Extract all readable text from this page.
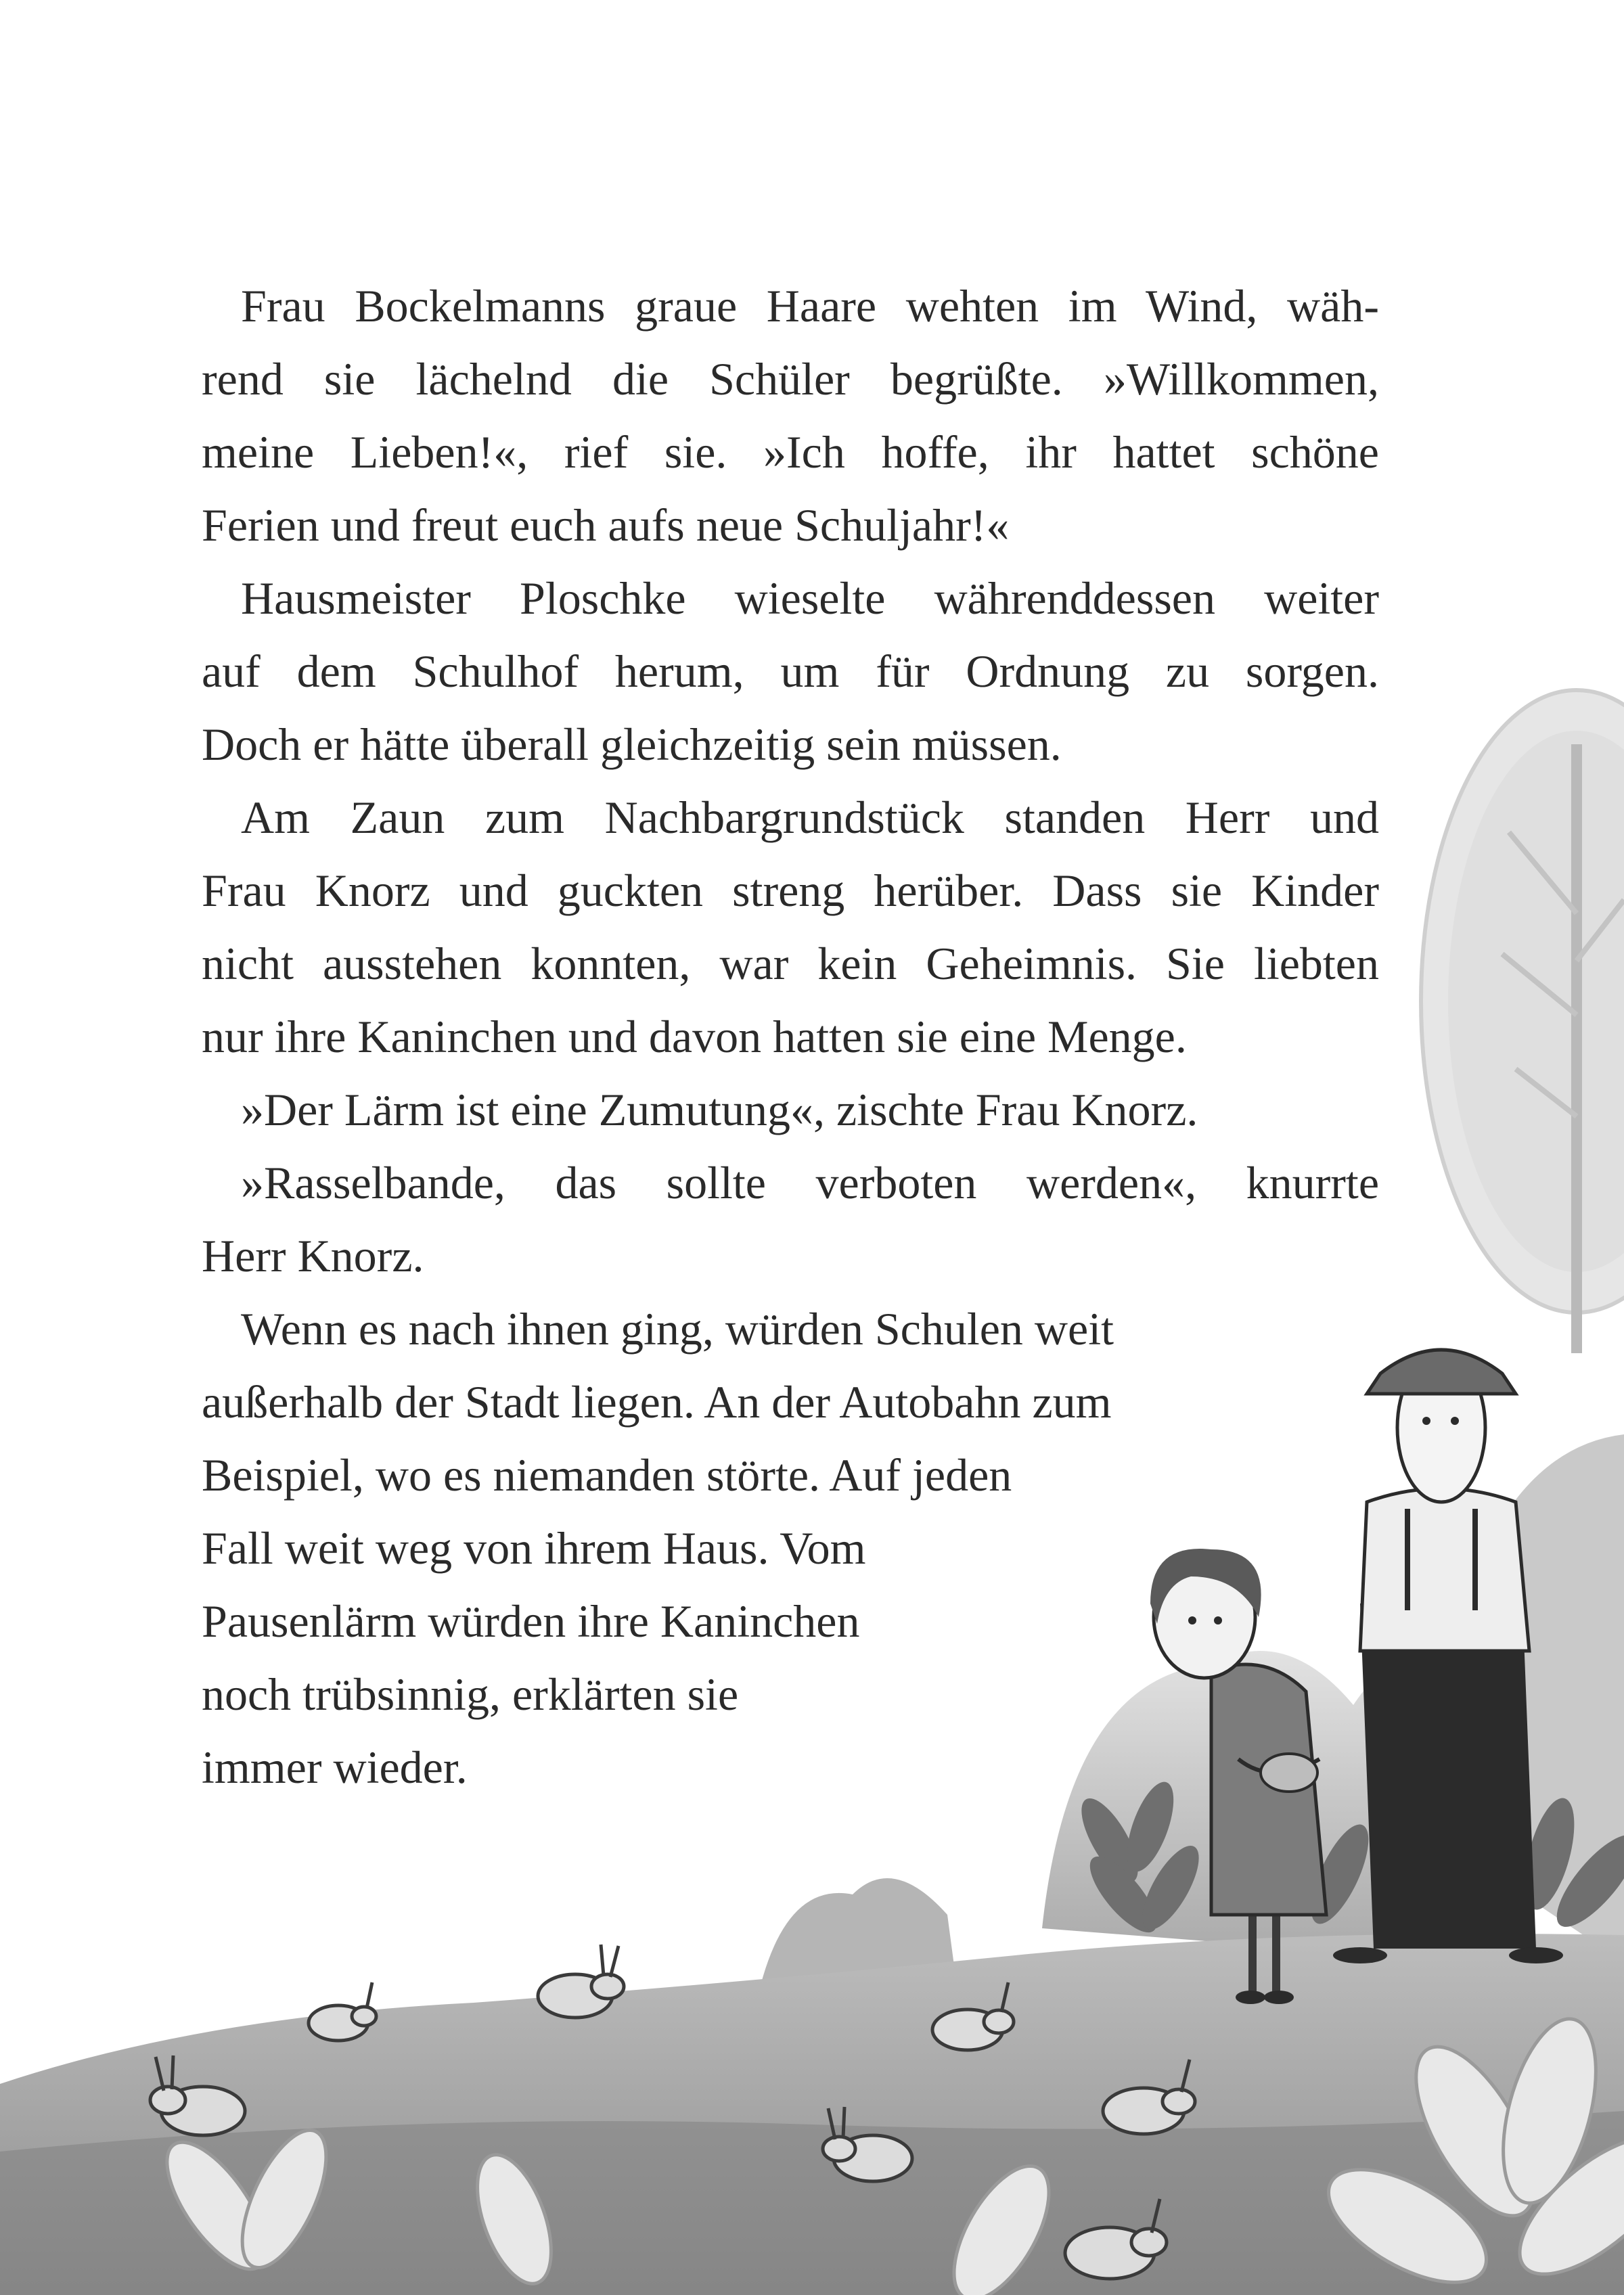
Frau Bockelmanns graue Haare wehten im Wind, wäh-
rend sie lächelnd die Schüler begrüßte. »Willkommen,
meine Lieben!«, rief sie. »Ich hoffe, ihr hattet schöne
Ferien und freut euch aufs neue Schuljahr!«
Hausmeister Ploschke wieselte währenddessen weiter
auf dem Schulhof herum, um für Ordnung zu sorgen.
Doch er hätte überall gleichzeitig sein müssen.
Am Zaun zum Nachbargrundstück standen Herr und
Frau Knorz und guckten streng herüber. Dass sie Kinder
nicht ausstehen konnten, war kein Geheimnis. Sie liebten
nur ihre Kaninchen und davon hatten sie eine Menge.
»Der Lärm ist eine Zumutung«, zischte Frau Knorz.
»Rasselbande, das sollte verboten werden«, knurrte
Herr Knorz.
Wenn es nach ihnen ging, würden Schulen weit
außerhalb der Stadt liegen. An der Autobahn zum
Beispiel, wo es niemanden störte. Auf jeden
Fall weit weg von ihrem Haus. Vom
Pausenlärm würden ihre Kaninchen
noch trübsinnig, erklärten sie
immer wieder.
